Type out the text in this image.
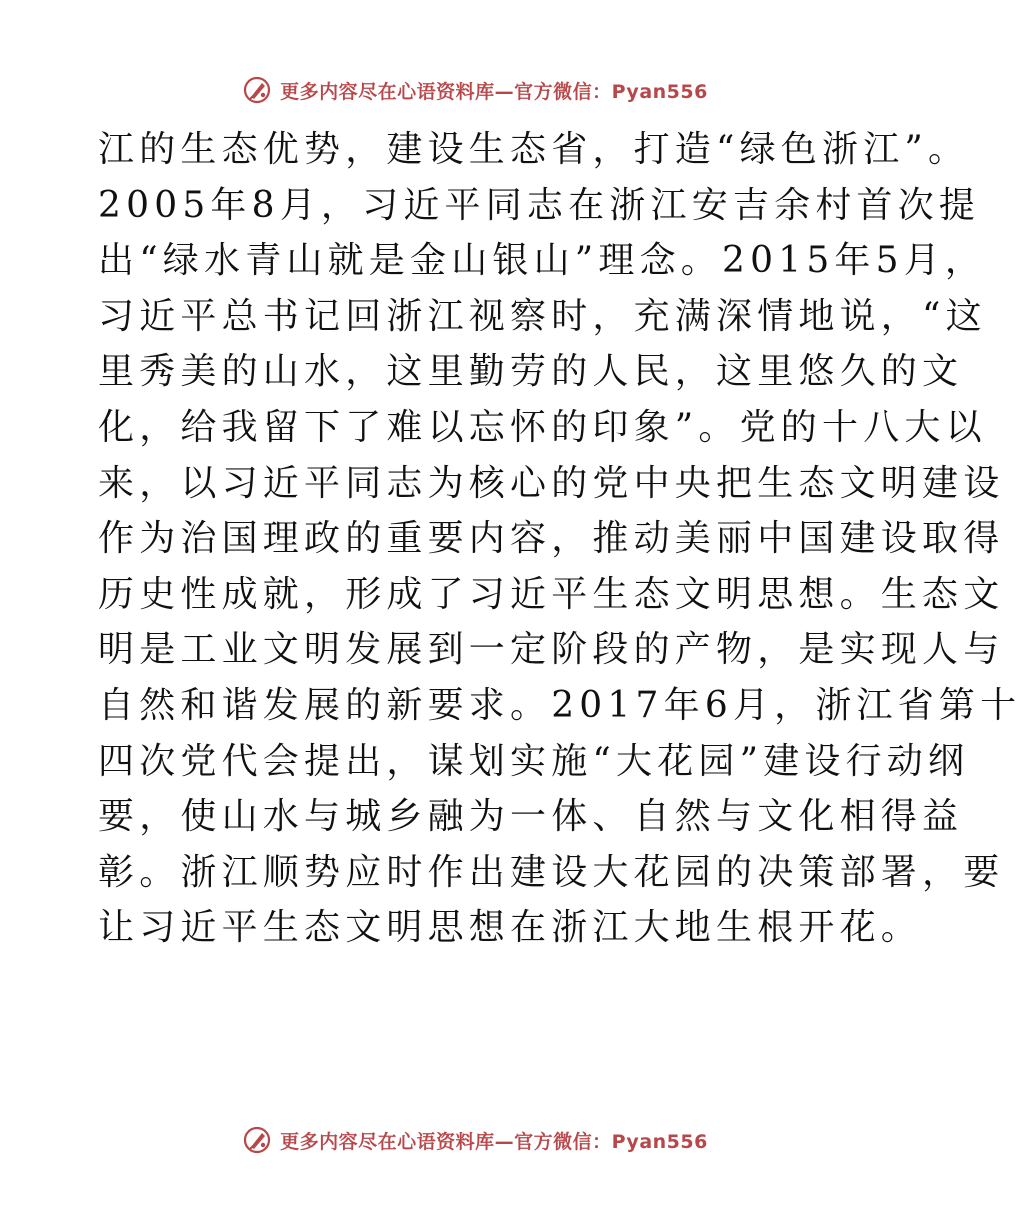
更多内容尽在心语资料库—官方微信：Pyan556
江的生态优势，建设生态省，打造“绿色浙江”。
2005年8月，习近平同志在浙江安吉余村首次提
出“绿水青山就是金山银山”理念。2015年5月，
习近平总书记回浙江视察时，充满深情地说，“这
里秀美的山水，这里勤劳的人民，这里悠久的文
化，给我留下了难以忘怀的印象”。党的十八大以
来，以习近平同志为核心的党中央把生态文明建设
作为治国理政的重要内容，推动美丽中国建设取得
历史性成就，形成了习近平生态文明思想。生态文
明是工业文明发展到一定阶段的产物，是实现人与
自然和谐发展的新要求。2017年6月，浙江省第十
四次党代会提出，谋划实施“大花园”建设行动纲
要，使山水与城乡融为一体、自然与文化相得益
彰。浙江顺势应时作出建设大花园的决策部署，要
让习近平生态文明思想在浙江大地生根开花。
更多内容尽在心语资料库—官方微信：Pyan556
